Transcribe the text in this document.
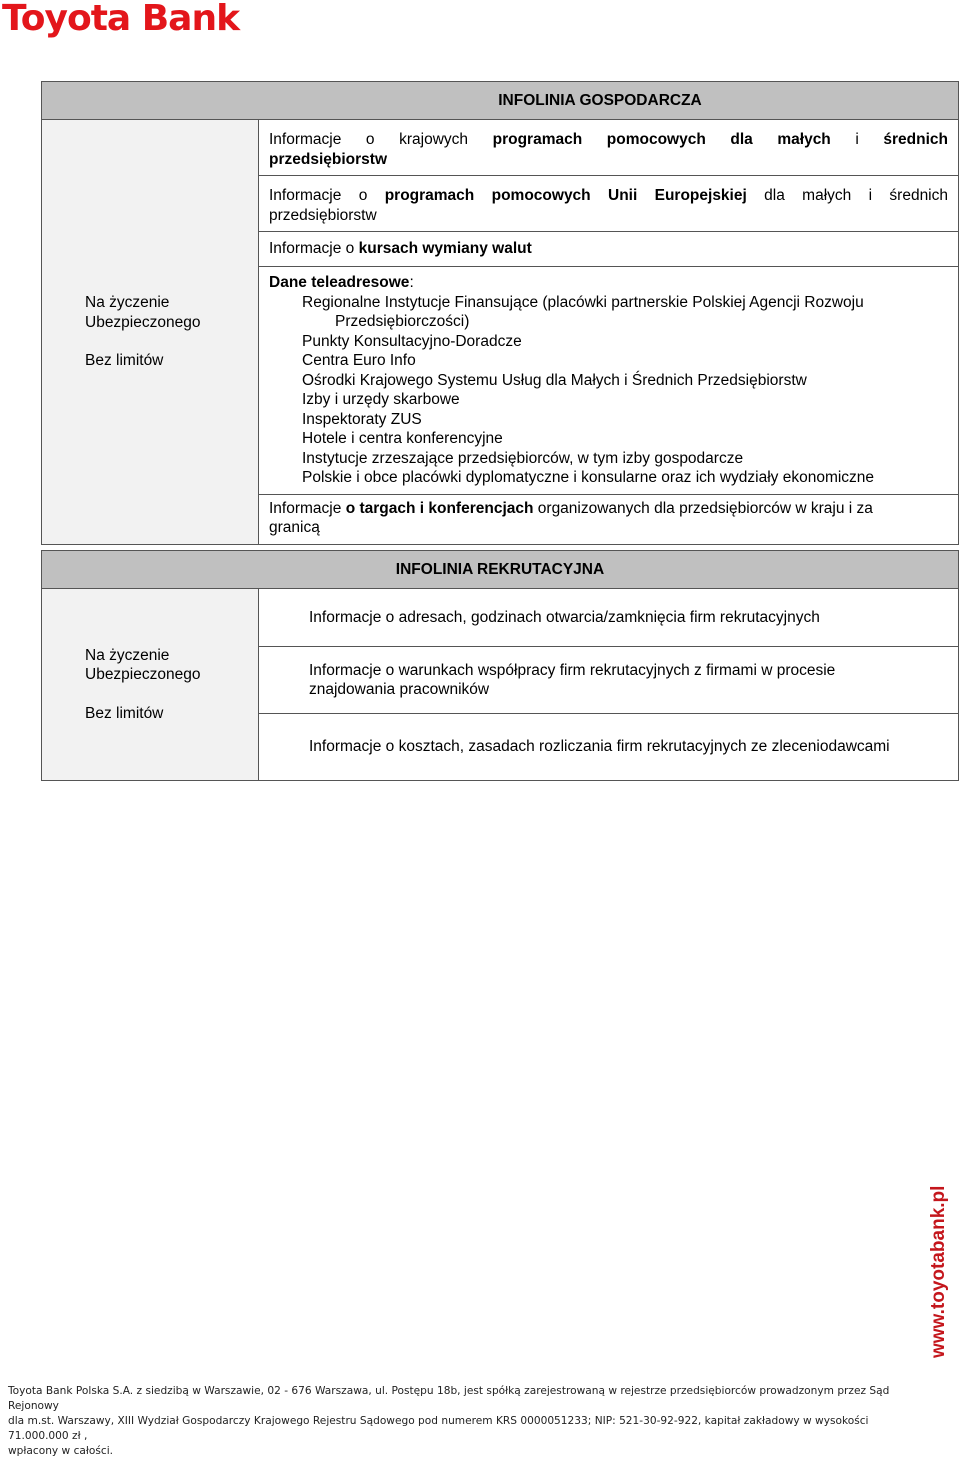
Toyota Bank
INFOLINIA GOSPODARCZA

Na życzenie
Ubezpieczonego
Bez limitów

Informacje o krajowych programach pomocowych dla małych i średnich
przedsiębiorstw

Informacje o programach pomocowych Unii Europejskiej dla małych i średnich
przedsiębiorstw

Informacje o kursach wymiany walut

Dane teleadresowe:
Regionalne Instytucje Finansujące (placówki partnerskie Polskiej Agencji Rozwoju
Przedsiębiorczości)
Punkty Konsultacyjno-Doradcze
Centra Euro Info
Ośrodki Krajowego Systemu Usług dla Małych i Średnich Przedsiębiorstw
Izby i urzędy skarbowe
Inspektoraty ZUS
Hotele i centra konferencyjne
Instytucje zrzeszające przedsiębiorców, w tym izby gospodarcze
Polskie i obce placówki dyplomatyczne i konsularne oraz ich wydziały ekonomiczne

Informacje o targach i konferencjach organizowanych dla przedsiębiorców w kraju i za
granicą
INFOLINIA REKRUTACYJNA

Na życzenie
Ubezpieczonego
Bez limitów
	Informacje o adresach, godzinach otwarcia/zamknięcia firm rekrutacyjnych

Informacje o warunkach współpracy firm rekrutacyjnych z firmami w procesie
znajdowania pracowników

Informacje o kosztach, zasadach rozliczania firm rekrutacyjnych ze zleceniodawcami
www.toyotabank.pl
Toyota Bank Polska S.A. z siedzibą w Warszawie, 02 - 676 Warszawa, ul. Postępu 18b, jest spółką zarejestrowaną w rejestrze przedsiębiorców prowadzonym przez Sąd Rejonowy
dla m.st. Warszawy, XIII Wydział Gospodarczy Krajowego Rejestru Sądowego pod numerem KRS 0000051233; NIP: 521-30-92-922, kapitał zakładowy w wysokości 71.000.000 zł ,
wpłacony w całości.
